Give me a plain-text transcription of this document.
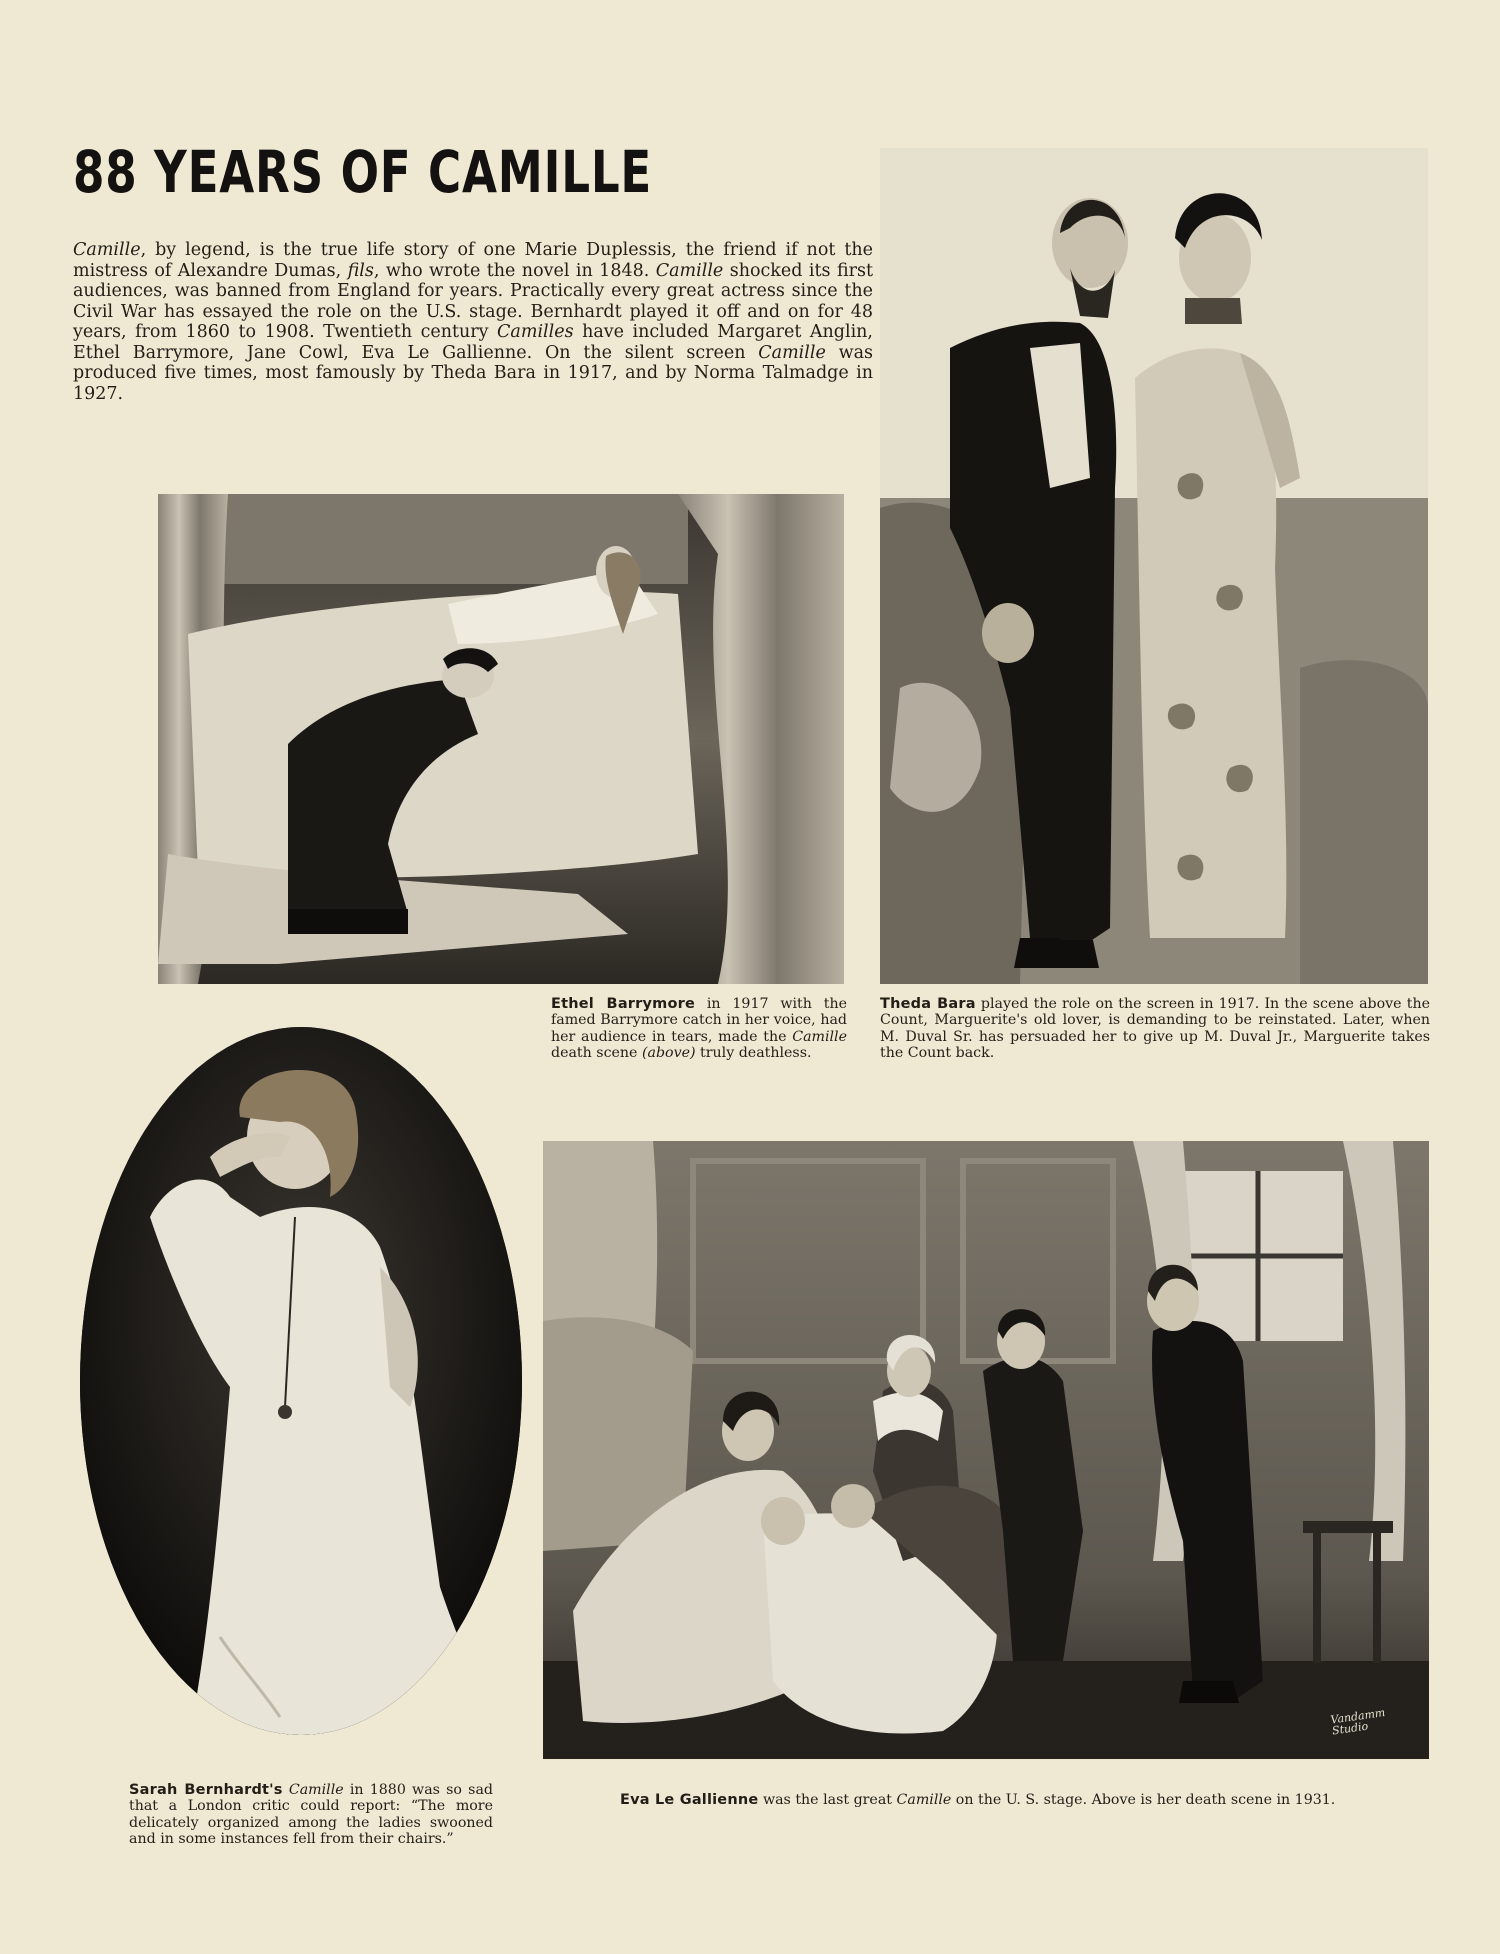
88 YEARS OF CAMILLE
Camille, by legend, is the true life story of one Marie Duplessis, the friend if not the mistress of Alexandre Dumas, fils, who wrote the novel in 1848. Camille shocked its first audiences, was banned from England for years. Practically every great actress since the Civil War has essayed the role on the U.S. stage. Bernhardt played it off and on for 48 years, from 1860 to 1908. Twentieth century Camilles have included Margaret Anglin, Ethel Barrymore, Jane Cowl, Eva Le Gallienne. On the silent screen Camille was produced five times, most famously by Theda Bara in 1917, and by Norma Talmadge in 1927.
Ethel Barrymore in 1917 with the famed Barrymore catch in her voice, had her audience in tears, made the Camille death scene (above) truly deathless.
Theda Bara played the role on the screen in 1917. In the scene above the Count, Marguerite's old lover, is demanding to be reinstated. Later, when M. Duval Sr. has persuaded her to give up M. Duval Jr., Marguerite takes the Count back.
Vandamm Studio
Sarah Bernhardt's Camille in 1880 was so sad that a London critic could report: “The more delicately organized among the ladies swooned and in some instances fell from their chairs.”
Eva Le Gallienne was the last great Camille on the U. S. stage. Above is her death scene in 1931.
